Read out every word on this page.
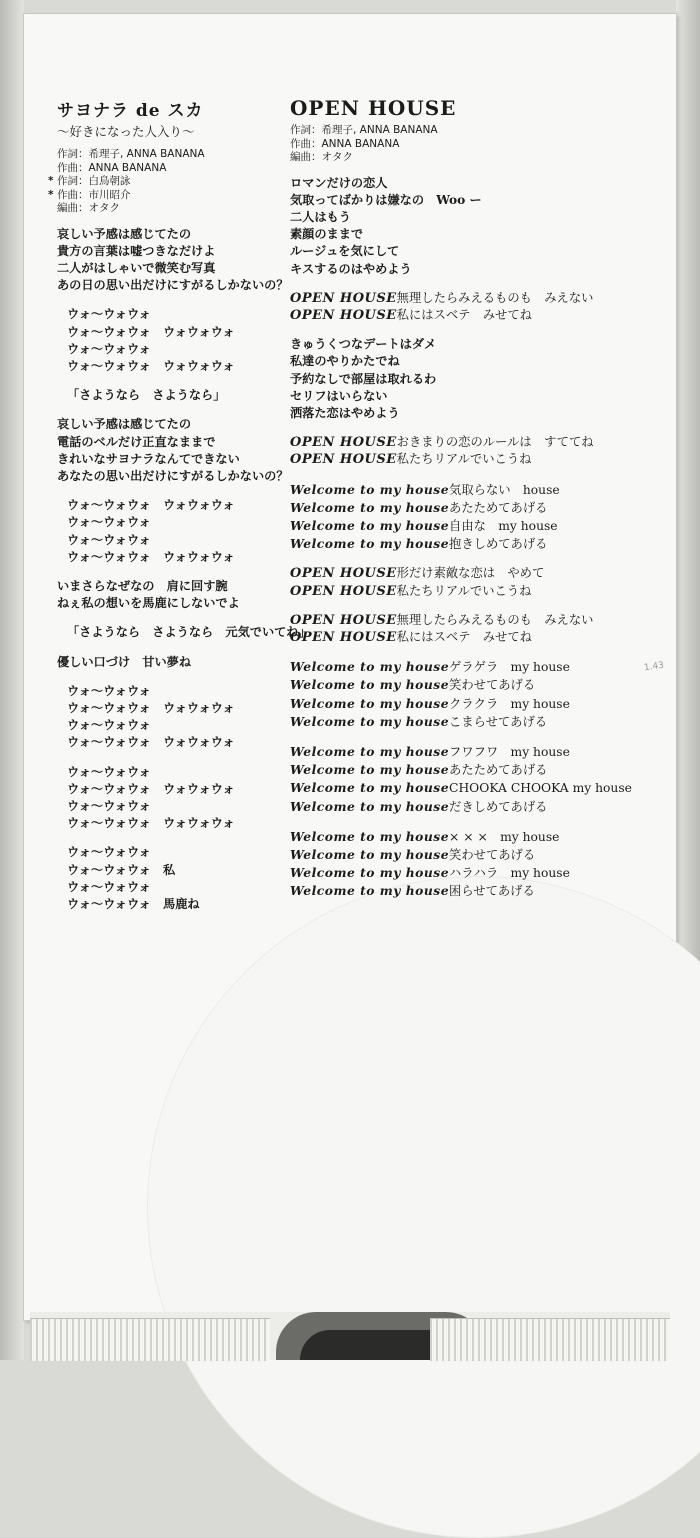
1.43
サヨナラ de スカ
〜好きになった人入り〜
作詞：希理子, ANNA BANANA
作曲：ANNA BANANA
* 作詞：白鳥朝詠
* 作曲：市川昭介
編曲：オタク
哀しい予感は感じてたの
貴方の言葉は嘘つきなだけよ
二人がはしゃいで微笑む写真
あの日の思い出だけにすがるしかないの？
ウォ〜ウォウォ
ウォ〜ウォウォ　ウォウォウォ
ウォ〜ウォウォ
ウォ〜ウォウォ　ウォウォウォ
「さようなら　さようなら」
哀しい予感は感じてたの
電話のベルだけ正直なままで
きれいなサヨナラなんてできない
あなたの思い出だけにすがるしかないの？
ウォ〜ウォウォ　ウォウォウォ
ウォ〜ウォウォ
ウォ〜ウォウォ
ウォ〜ウォウォ　ウォウォウォ
いまさらなぜなの　肩に回す腕
ねぇ私の想いを馬鹿にしないでよ
「さようなら　さようなら　元気でいてね」
優しい口づけ　甘い夢ね
ウォ〜ウォウォ
ウォ〜ウォウォ　ウォウォウォ
ウォ〜ウォウォ
ウォ〜ウォウォ　ウォウォウォ
ウォ〜ウォウォ
ウォ〜ウォウォ　ウォウォウォ
ウォ〜ウォウォ
ウォ〜ウォウォ　ウォウォウォ
ウォ〜ウォウォ
ウォ〜ウォウォ　私
ウォ〜ウォウォ
ウォ〜ウォウォ　馬鹿ね
OPEN HOUSE
作詞：希理子, ANNA BANANA
作曲：ANNA BANANA
編曲：オタク
ロマンだけの恋人
気取ってばかりは嫌なの　Woo ー
二人はもう
素顔のままで
ルージュを気にして
キスするのはやめよう
OPEN HOUSE無理したらみえるものも　みえない
OPEN HOUSE私にはスベテ　みせてね
きゅうくつなデートはダメ
私達のやりかたでね
予約なしで部屋は取れるわ
セリフはいらない
洒落た恋はやめよう
OPEN HOUSEおきまりの恋のルールは　すててね
OPEN HOUSE私たちリアルでいこうね
Welcome to my house気取らない　house
Welcome to my houseあたためてあげる
Welcome to my house自由な　my house
Welcome to my house抱きしめてあげる
OPEN HOUSE形だけ素敵な恋は　やめて
OPEN HOUSE私たちリアルでいこうね
OPEN HOUSE無理したらみえるものも　みえない
OPEN HOUSE私にはスベテ　みせてね
Welcome to my houseゲラゲラ　my house
Welcome to my house笑わせてあげる
Welcome to my houseクラクラ　my house
Welcome to my houseこまらせてあげる
Welcome to my houseフワフワ　my house
Welcome to my houseあたためてあげる
Welcome to my houseCHOOKA CHOOKA my house
Welcome to my houseだきしめてあげる
Welcome to my house× × ×　my house
Welcome to my house笑わせてあげる
Welcome to my houseハラハラ　my house
Welcome to my house困らせてあげる
